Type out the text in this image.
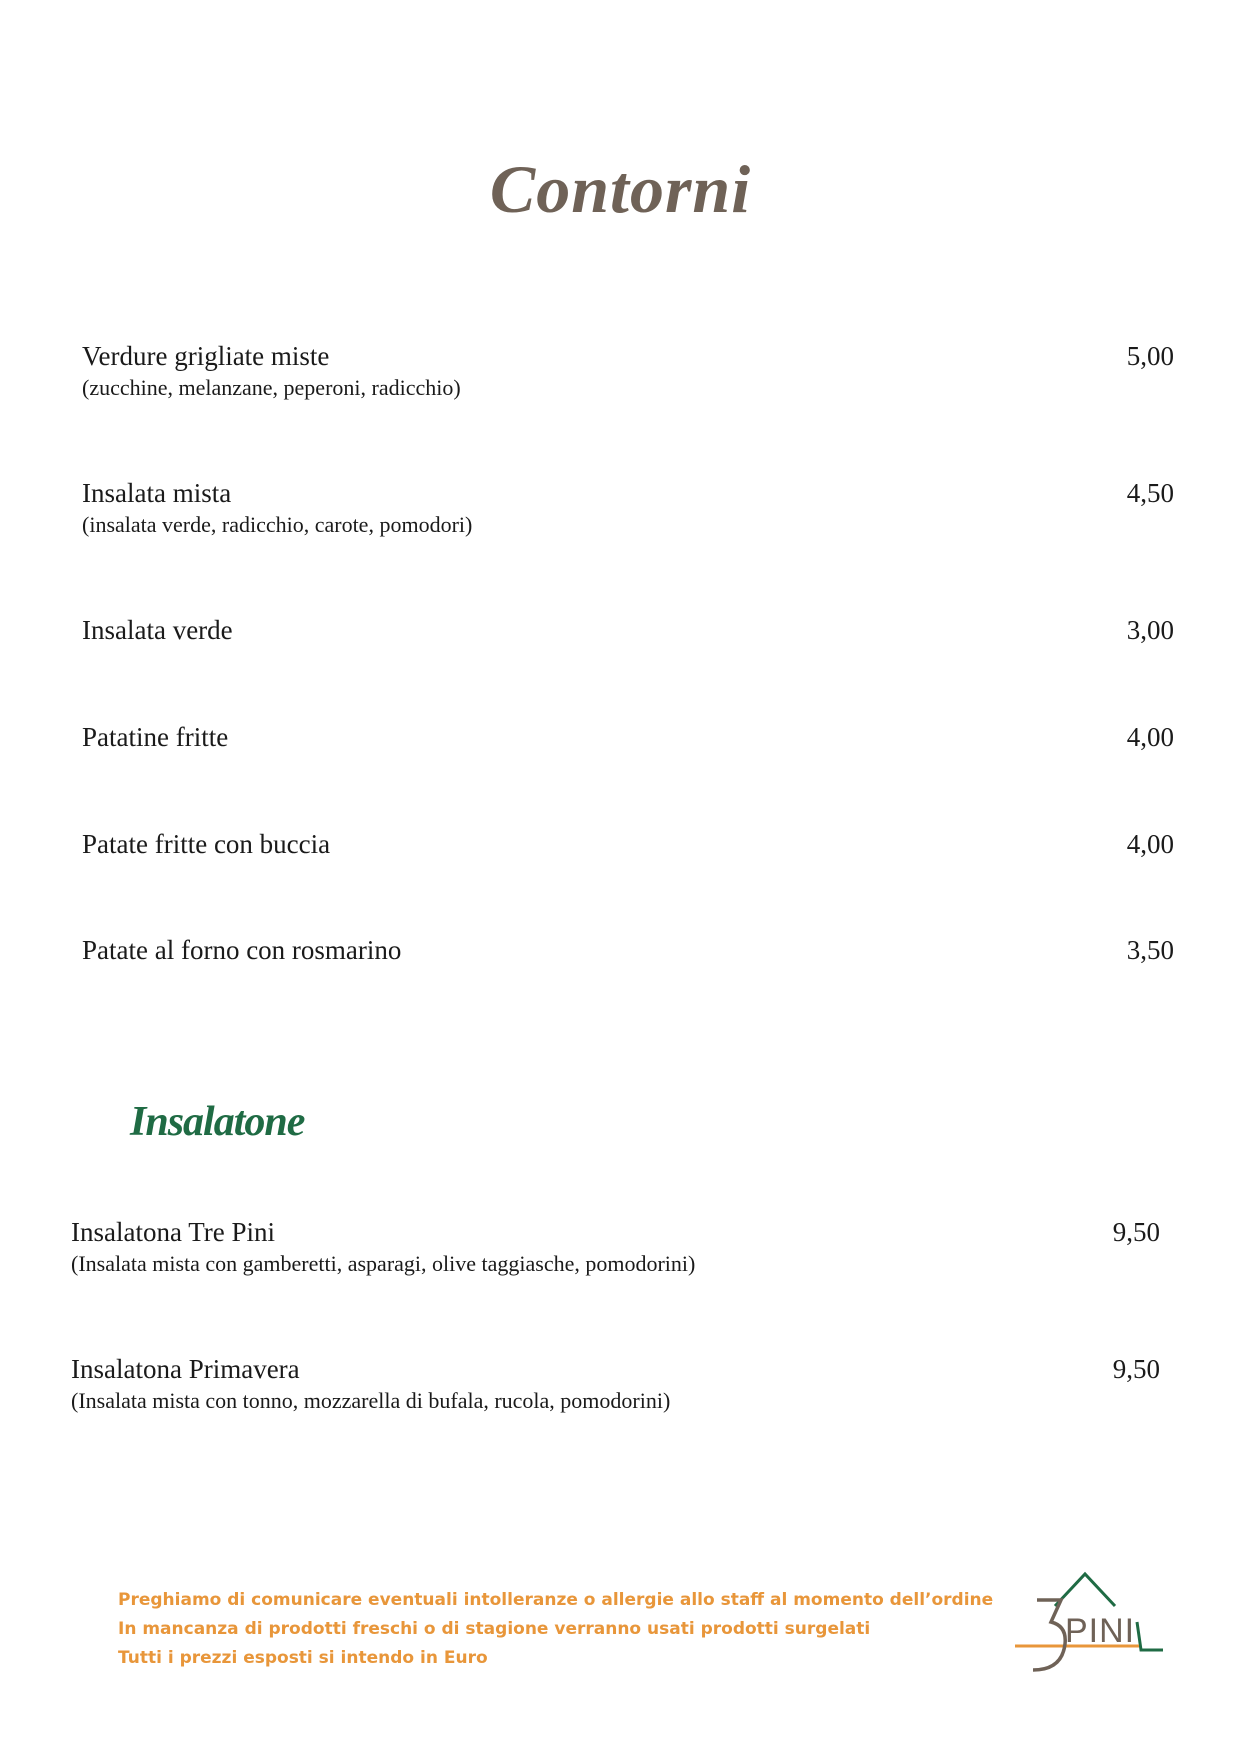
Contorni
Verdure grigliate miste	5,00
(zucchine, melanzane, peperoni, radicchio)
Insalata mista	4,50
(insalata verde, radicchio, carote, pomodori)
Insalata verde	3,00
Patatine fritte	4,00
Patate fritte con buccia	4,00
Patate al forno con rosmarino	3,50
Insalatone
Insalatona Tre Pini	9,50
(Insalata mista con gamberetti, asparagi, olive taggiasche, pomodorini)
Insalatona Primavera	9,50
(Insalata mista con tonno, mozzarella di bufala, rucola, pomodorini)
Preghiamo di comunicare eventuali intolleranze o allergie allo staff al momento dell’ordine
In mancanza di prodotti freschi o di stagione verranno usati prodotti surgelati
Tutti i prezzi esposti si intendo in Euro
PINI
